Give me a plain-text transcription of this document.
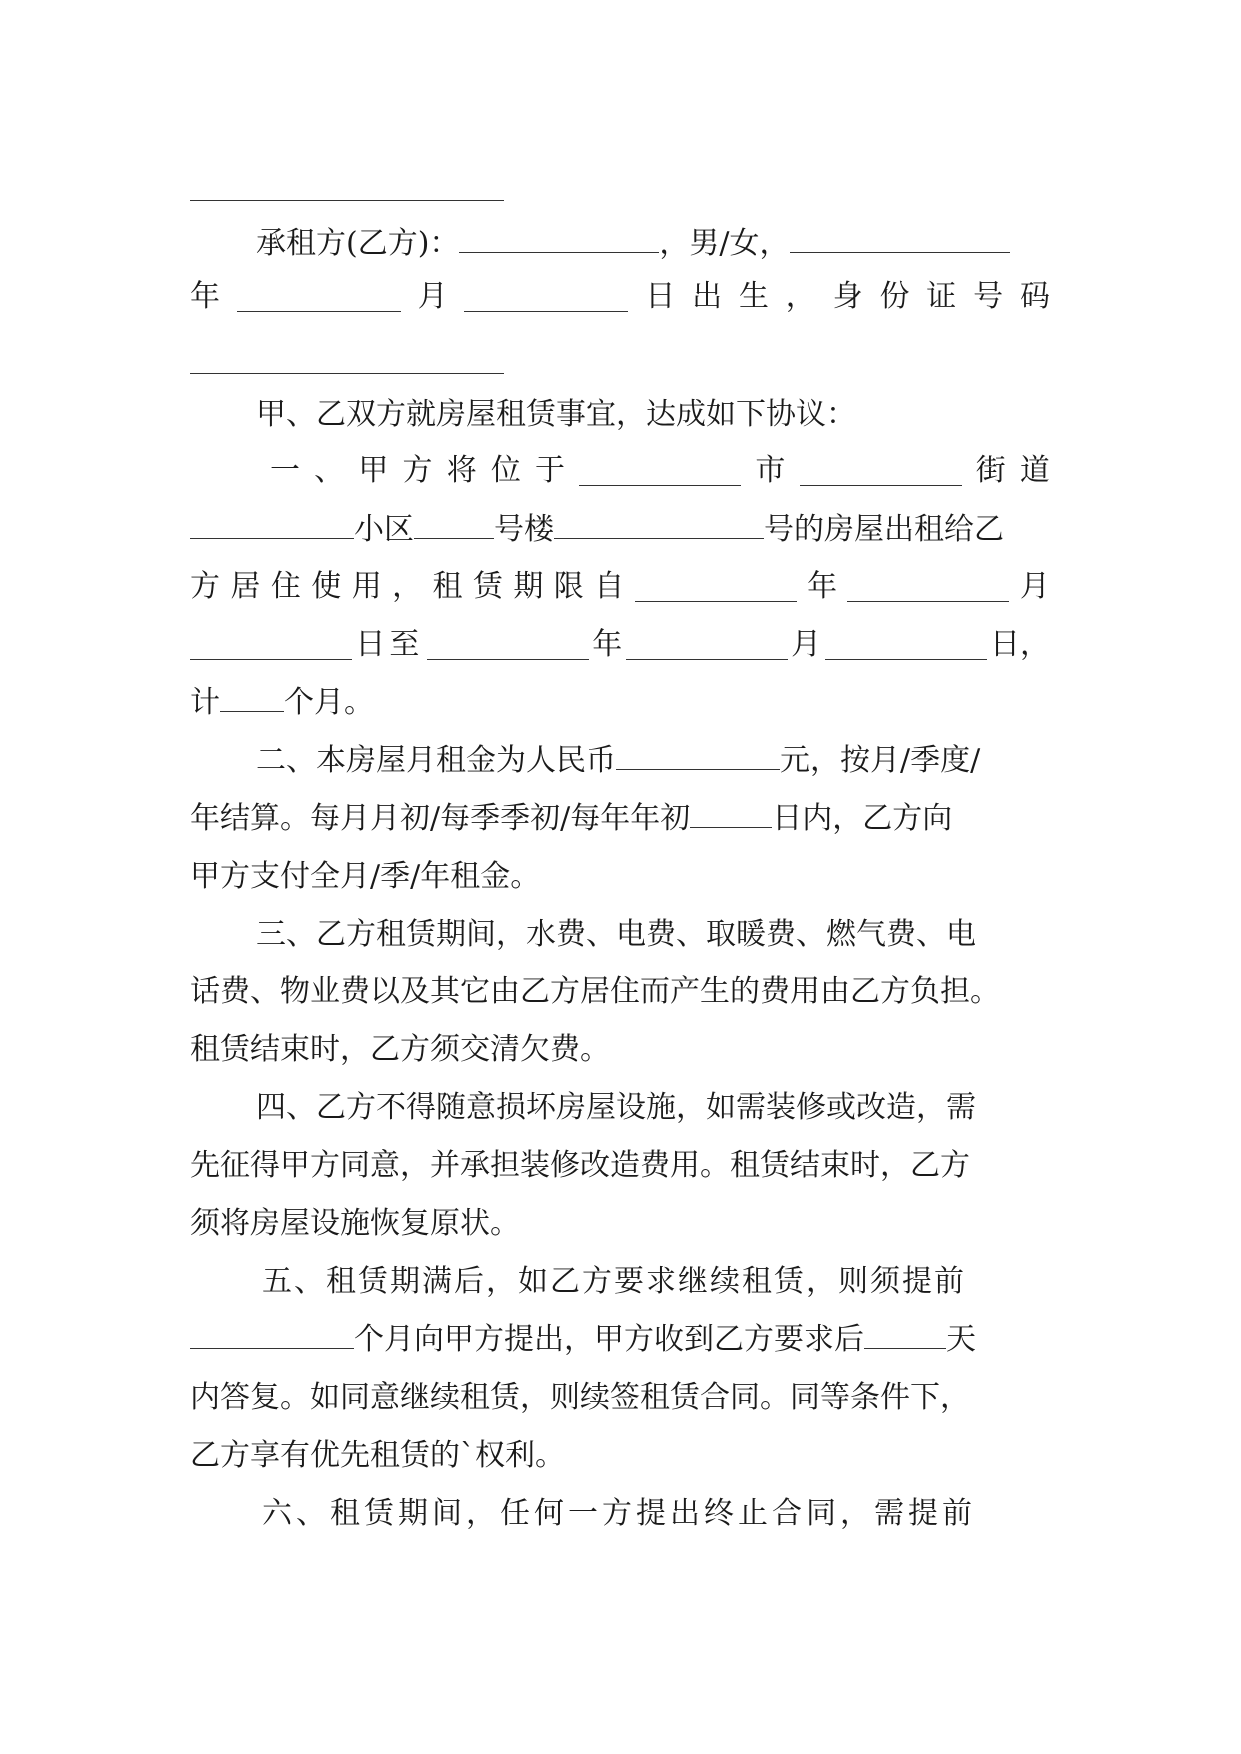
承租方(乙方)：	，男/女，
年	月	日 出 生 ， 身 份 证 号 码
甲、乙双方就房屋租赁事宜，达成如下协议：
一 、 甲 方 将 位 于	市	街 道
小区	号楼	号的房屋出租给乙
方 居 住 使 用 ， 租 赁 期 限 自	年	月
日至	年	月	日，
计 个月。
二、本房屋月租金为人民币	元，按月/季度/
年结算。每月月初/每季季初/每年年初	日内，乙方向
甲方支付全月/季/年租金。
三、乙方租赁期间，水费、电费、取暖费、燃气费、电
话费、物业费以及其它由乙方居住而产生的费用由乙方负担。
租赁结束时，乙方须交清欠费。
四、乙方不得随意损坏房屋设施，如需装修或改造，需
先征得甲方同意，并承担装修改造费用。租赁结束时，乙方
须将房屋设施恢复原状。
五、租赁期满后，如乙方要求继续租赁，则须提前
个月向甲方提出，甲方收到乙方要求后	天
内答复。如同意继续租赁，则续签租赁合同。同等条件下，
乙方享有优先租赁的`权利。
六、租赁期间，任何一方提出终止合同，需提前
